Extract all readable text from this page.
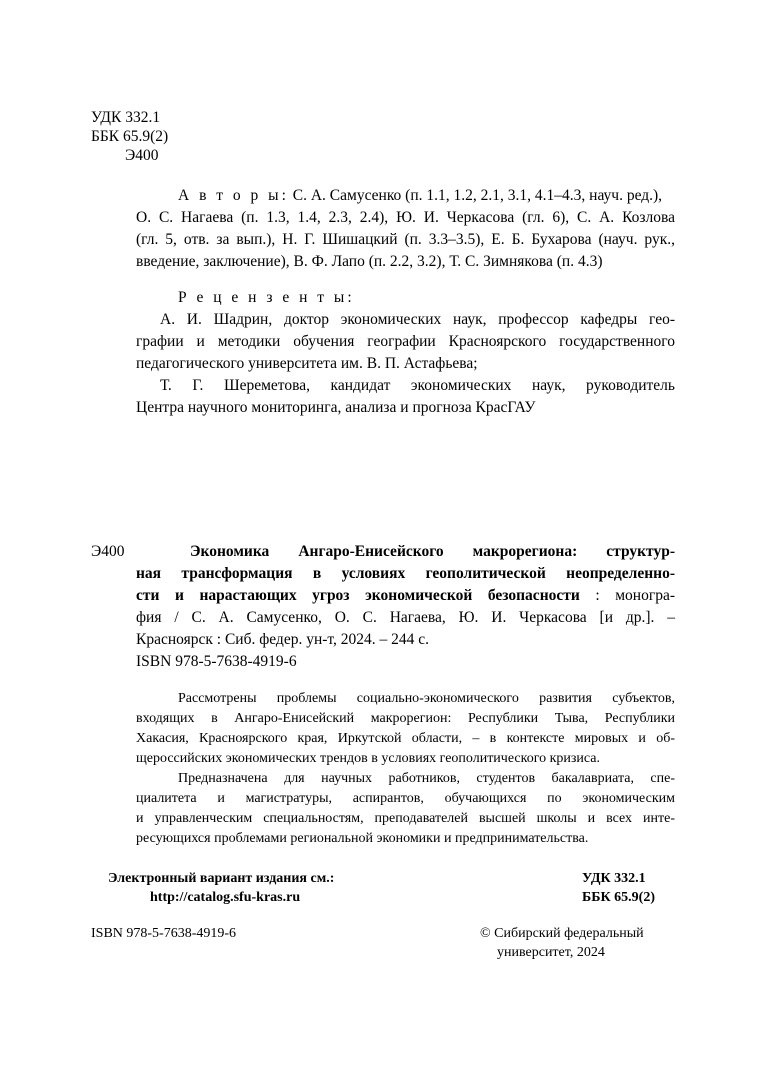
УДК 332.1
ББК 65.9(2)
Э400
А в т о р ы: С. А. Самусенко (п. 1.1, 1.2, 2.1, 3.1, 4.1–4.3, науч. ред.),
О. С. Нагаева (п. 1.3, 1.4, 2.3, 2.4), Ю. И. Черкасова (гл. 6), С. А. Козлова
(гл. 5, отв. за вып.), Н. Г. Шишацкий (п. 3.3–3.5), Е. Б. Бухарова (науч. рук.,
введение, заключение), В. Ф. Лапо (п. 2.2, 3.2), Т. С. Зимнякова (п. 4.3)
Р е ц е н з е н т ы:
А. И. Шадрин, доктор экономических наук, профессор кафедры гео-
графии и методики обучения географии Красноярского государственного
педагогического университета им. В. П. Астафьева;
Т. Г. Шереметова, кандидат экономических наук, руководитель
Центра научного мониторинга, анализа и прогноза КрасГАУ
Э400	Экономика Ангаро-Енисейского макрорегиона: структур-
ная трансформация в условиях геополитической неопределенно-
сти и нарастающих угроз экономической безопасности : моногра-
фия / С. А. Самусенко, О. С. Нагаева, Ю. И. Черкасова [и др.]. –
Красноярск : Сиб. федер. ун-т, 2024. – 244 с.
ISBN 978-5-7638-4919-6
Рассмотрены проблемы социально-экономического развития субъектов,
входящих в Ангаро-Енисейский макрорегион: Республики Тыва, Республики
Хакасия, Красноярского края, Иркутской области, – в контексте мировых и об-
щероссийских экономических трендов в условиях геополитического кризиса.
Предназначена для научных работников, студентов бакалавриата, спе-
циалитета и магистратуры, аспирантов, обучающихся по экономическим
и управленческим специальностям, преподавателей высшей школы и всех инте-
ресующихся проблемами региональной экономики и предпринимательства.
Электронный вариант издания см.:
http://catalog.sfu-kras.ru
УДК 332.1
ББК 65.9(2)
ISBN 978-5-7638-4919-6	© Сибирский федеральный
университет, 2024
